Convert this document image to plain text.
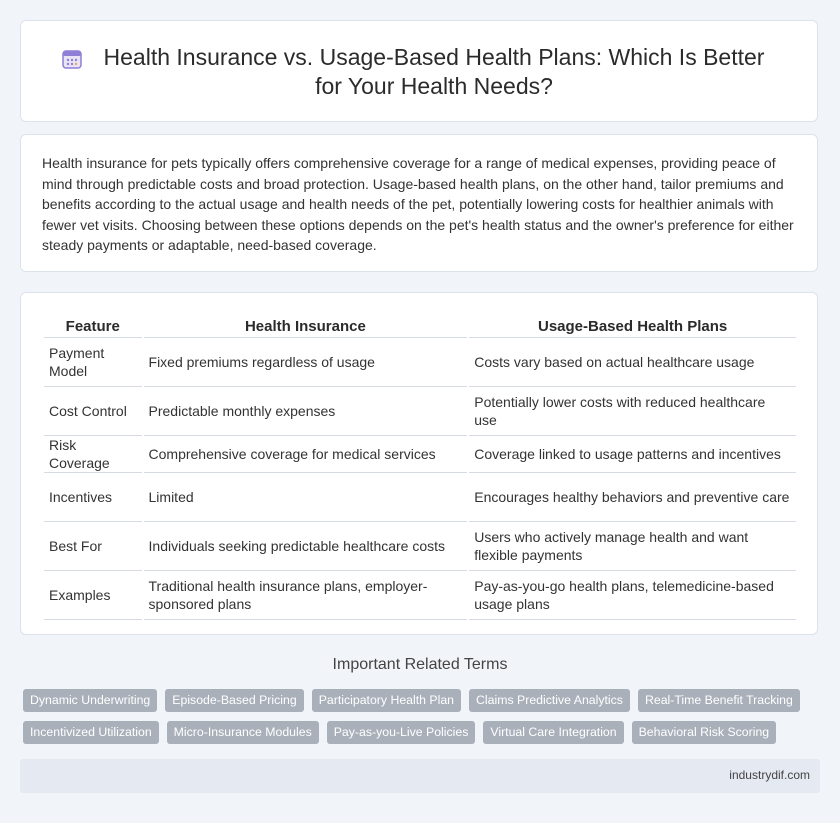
Health Insurance vs. Usage-Based Health Plans: Which Is Better for Your Health Needs?

Health insurance for pets typically offers comprehensive coverage for a range of medical expenses, providing peace of mind through predictable costs and broad protection. Usage-based health plans, on the other hand, tailor premiums and benefits according to the actual usage and health needs of the pet, potentially lowering costs for healthier animals with fewer vet visits. Choosing between these options depends on the pet's health status and the owner's preference for either steady payments or adaptable, need-based coverage.

Feature	Health Insurance	Usage-Based Health Plans
Payment Model	Fixed premiums regardless of usage	Costs vary based on actual healthcare usage
Cost Control	Predictable monthly expenses	Potentially lower costs with reduced healthcare use
Risk Coverage	Comprehensive coverage for medical services	Coverage linked to usage patterns and incentives
Incentives	Limited	Encourages healthy behaviors and preventive care
Best For	Individuals seeking predictable healthcare costs	Users who actively manage health and want flexible payments
Examples	Traditional health insurance plans, employer-sponsored plans	Pay-as-you-go health plans, telemedicine-based usage plans
Important Related Terms
Dynamic Underwriting	Episode-Based Pricing	Participatory Health Plan	Claims Predictive Analytics	Real-Time Benefit Tracking
Incentivized Utilization	Micro-Insurance Modules	Pay-as-you-Live Policies	Virtual Care Integration	Behavioral Risk Scoring
industrydif.com
